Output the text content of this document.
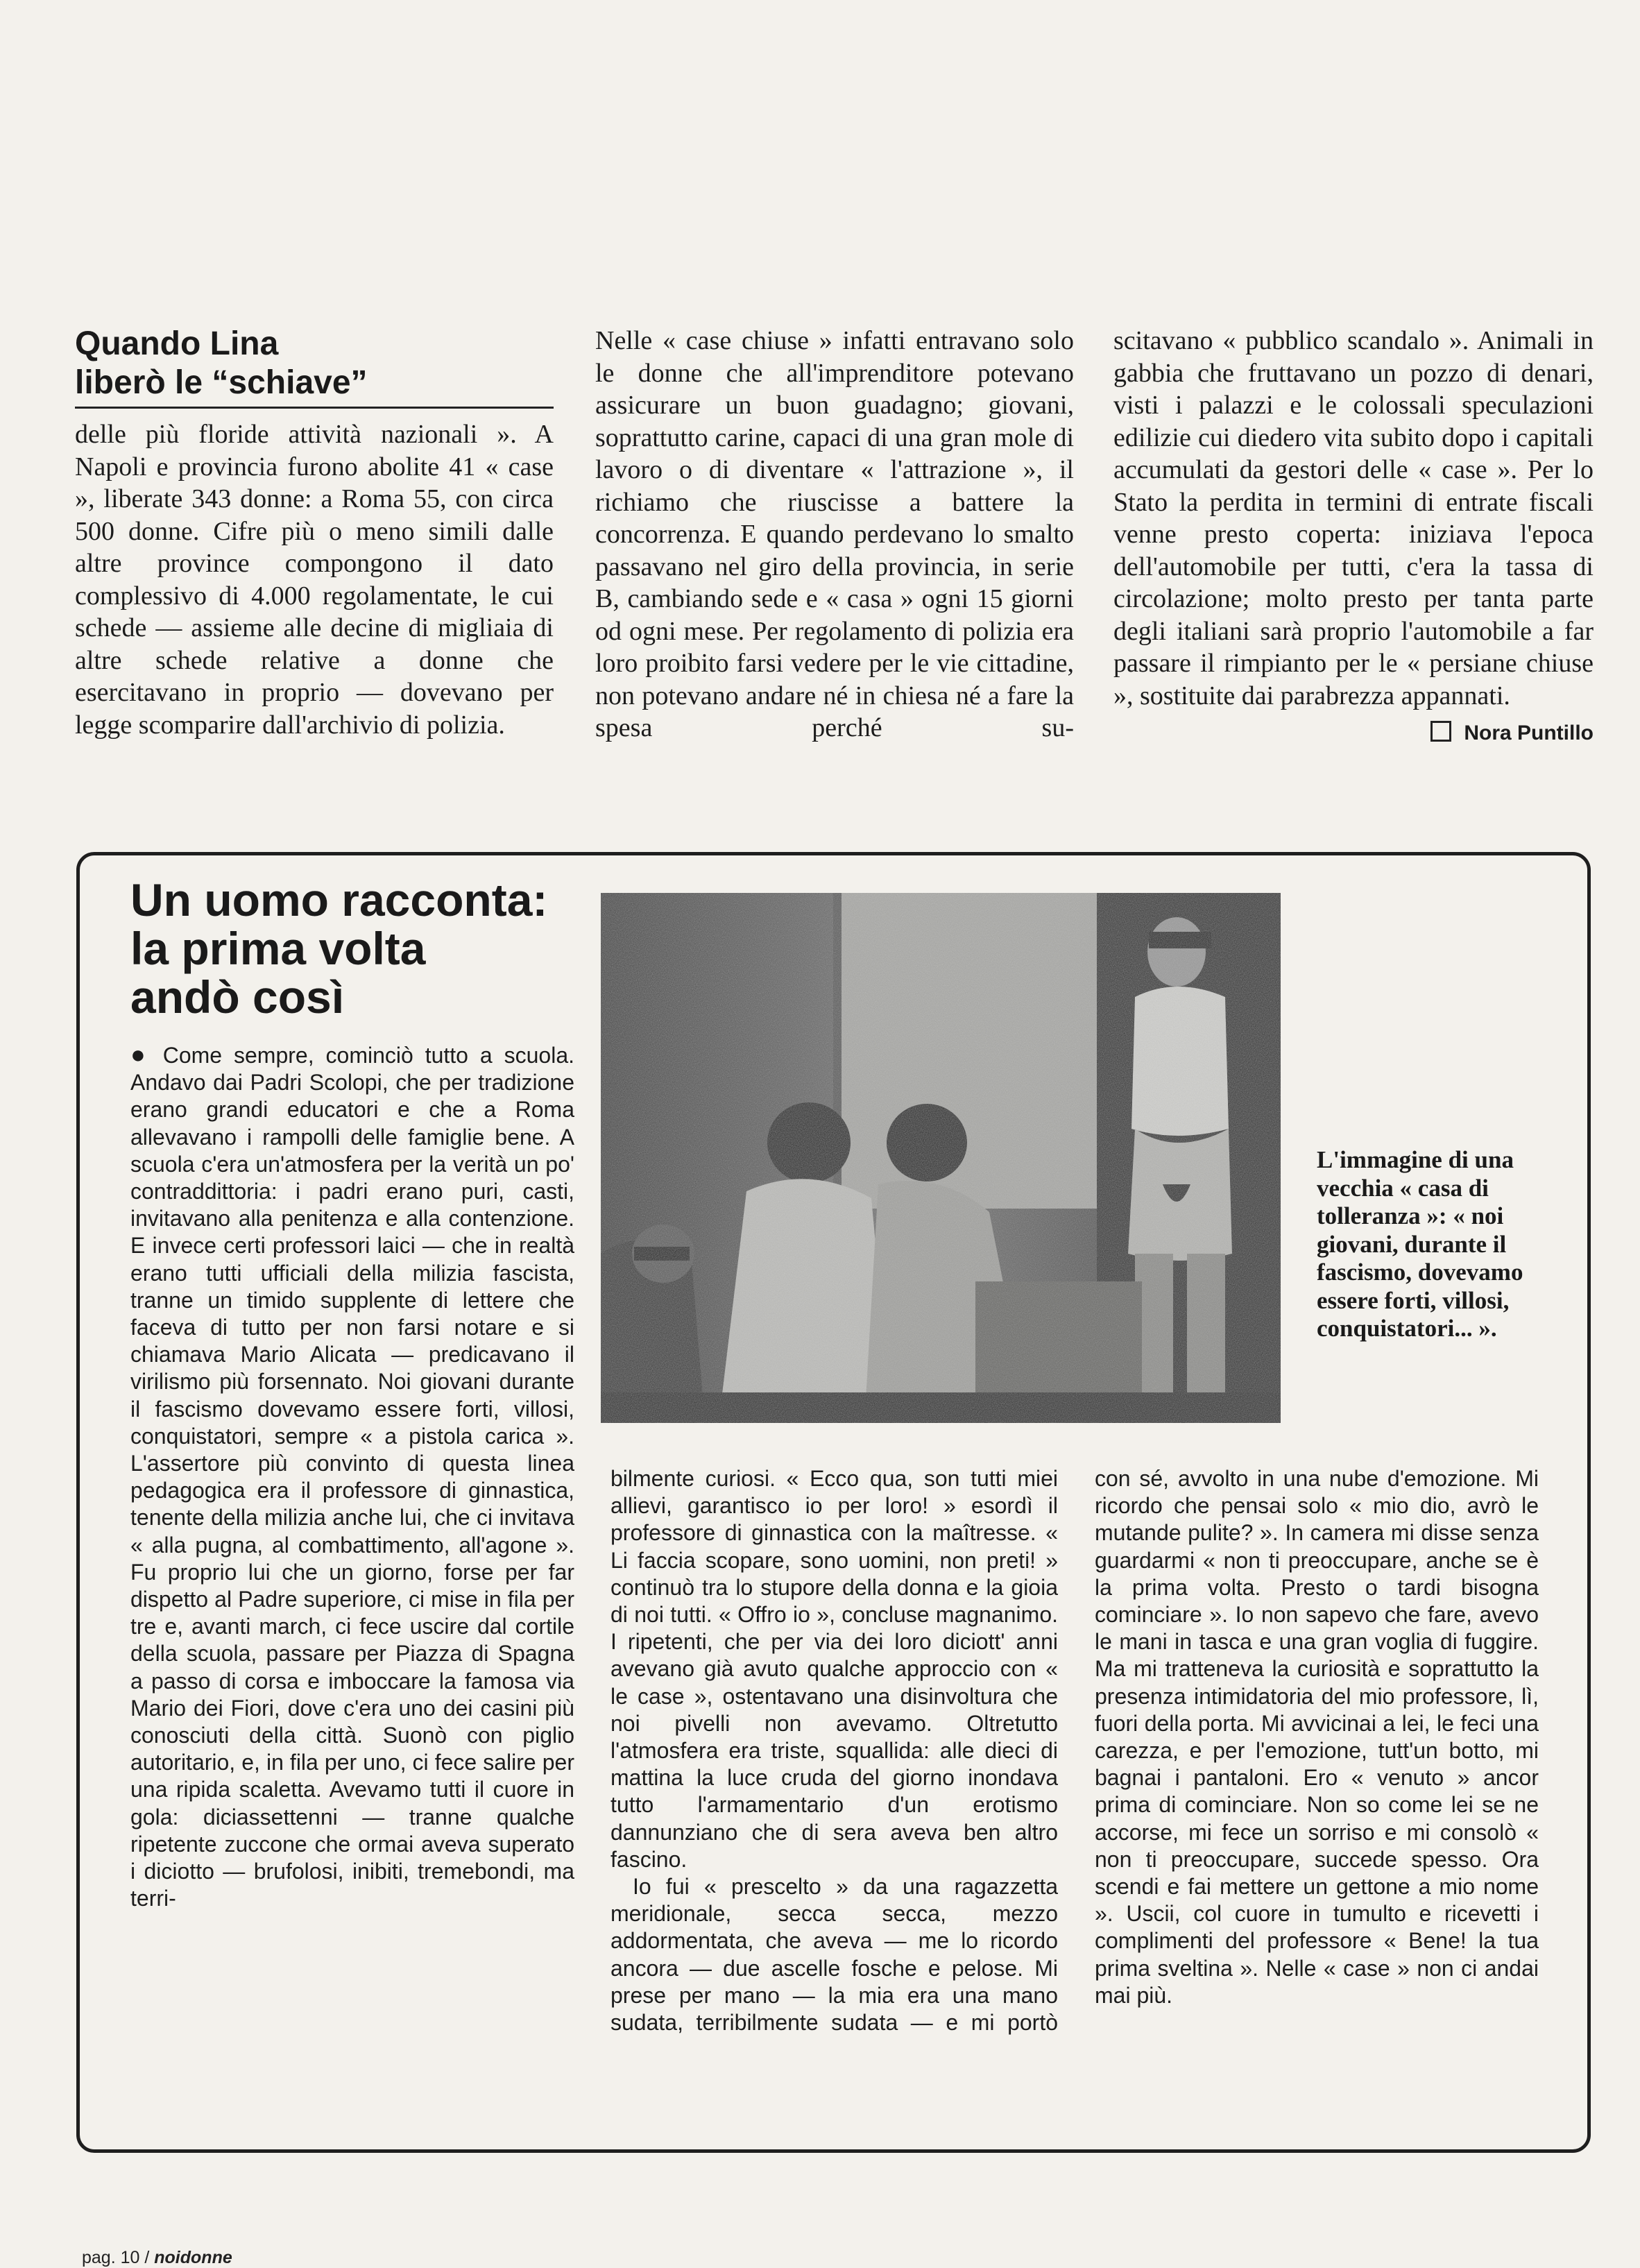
Quando Lina
liberò le “schiave”

delle più floride attività nazionali ». A Napoli e provincia furono abolite 41 « case », liberate 343 donne: a Roma 55, con circa 500 donne. Cifre più o meno simili dalle altre province compongono il dato complessivo di 4.000 regolamentate, le cui schede — assieme alle decine di migliaia di altre schede relative a donne che esercitavano in proprio — dovevano per legge scomparire dall'archivio di polizia.

Nelle « case chiuse » infatti entravano solo le donne che all'imprenditore potevano assicurare un buon guadagno; giovani, soprattutto carine, capaci di una gran mole di lavoro o di diventare « l'attrazione », il richiamo che riuscisse a battere la concorrenza. E quando perdevano lo smalto passavano nel giro della provincia, in serie B, cambiando sede e « casa » ogni 15 giorni od ogni mese. Per regolamento di polizia era loro proibito farsi vedere per le vie cittadine, non potevano andare né in chiesa né a fare la spesa perché su-

scitavano « pubblico scandalo ». Animali in gabbia che fruttavano un pozzo di denari, visti i palazzi e le colossali speculazioni edilizie cui diedero vita subito dopo i capitali accumulati da gestori delle « case ». Per lo Stato la perdita in termini di entrate fiscali venne presto coperta: iniziava l'epoca dell'automobile per tutti, c'era la tassa di circolazione; molto presto per tanta parte degli italiani sarà proprio l'automobile a far passare il rimpianto per le « persiane chiuse », sostituite dai parabrezza appannati.
Nora Puntillo
Un uomo racconta:
la prima volta
andò così
● Come sempre, cominciò tutto a scuola. Andavo dai Padri Scolopi, che per tradizione erano grandi educatori e che a Roma allevavano i rampolli delle famiglie bene. A scuola c'era un'atmosfera per la verità un po' contraddittoria: i padri erano puri, casti, invitavano alla penitenza e alla contenzione. E invece certi professori laici — che in realtà erano tutti ufficiali della milizia fascista, tranne un timido supplente di lettere che faceva di tutto per non farsi notare e si chiamava Mario Alicata — predicavano il virilismo più forsennato. Noi giovani durante il fascismo dovevamo essere forti, villosi, conquistatori, sempre « a pistola carica ». L'assertore più convinto di questa linea pedagogica era il professore di ginnastica, tenente della milizia anche lui, che ci invitava « alla pugna, al combattimento, all'agone ». Fu proprio lui che un giorno, forse per far dispetto al Padre superiore, ci mise in fila per tre e, avanti march, ci fece uscire dal cortile della scuola, passare per Piazza di Spagna a passo di corsa e imboccare la famosa via Mario dei Fiori, dove c'era uno dei casini più conosciuti della città. Suonò con piglio autoritario, e, in fila per uno, ci fece salire per una ripida scaletta. Avevamo tutti il cuore in gola: diciassettenni — tranne qualche ripetente zuccone che ormai aveva superato i diciotto — brufolosi, inibiti, tremebondi, ma terri-
bilmente curiosi. « Ecco qua, son tutti miei allievi, garantisco io per loro! » esordì il professore di ginnastica con la maîtresse. « Li faccia scopare, sono uomini, non preti! » continuò tra lo stupore della donna e la gioia di noi tutti. « Offro io », concluse magnanimo. I ripetenti, che per via dei loro diciott' anni avevano già avuto qualche approccio con « le case », ostentavano una disinvoltura che noi pivelli non avevamo. Oltretutto l'atmosfera era triste, squallida: alle dieci di mattina la luce cruda del giorno inondava tutto l'armamentario d'un erotismo dannunziano che di sera aveva ben altro fascino.
Io fui « prescelto » da una ragazzetta meridionale, secca secca, mezzo addormentata, che aveva — me lo ricordo ancora — due ascelle fosche e pelose. Mi prese per mano — la mia era una mano sudata, terribilmente sudata — e mi portò

con sé, avvolto in una nube d'emozione. Mi ricordo che pensai solo « mio dio, avrò le mutande pulite? ». In camera mi disse senza guardarmi « non ti preoccupare, anche se è la prima volta. Presto o tardi bisogna cominciare ». Io non sapevo che fare, avevo le mani in tasca e una gran voglia di fuggire. Ma mi tratteneva la curiosità e soprattutto la presenza intimidatoria del mio professore, lì, fuori della porta. Mi avvicinai a lei, le feci una carezza, e per l'emozione, tutt'un botto, mi bagnai i pantaloni. Ero « venuto » ancor prima di cominciare. Non so come lei se ne accorse, mi fece un sorriso e mi consolò « non ti preoccupare, succede spesso. Ora scendi e fai mettere un gettone a mio nome ». Uscii, col cuore in tumulto e ricevetti i complimenti del professore « Bene! la tua prima sveltina ». Nelle « case » non ci andai mai più.

L'immagine di una vecchia « casa di tolleranza »: « noi giovani, durante il fascismo, dovevamo essere forti, villosi, conquistatori... ».

pag. 10 / noidonne
